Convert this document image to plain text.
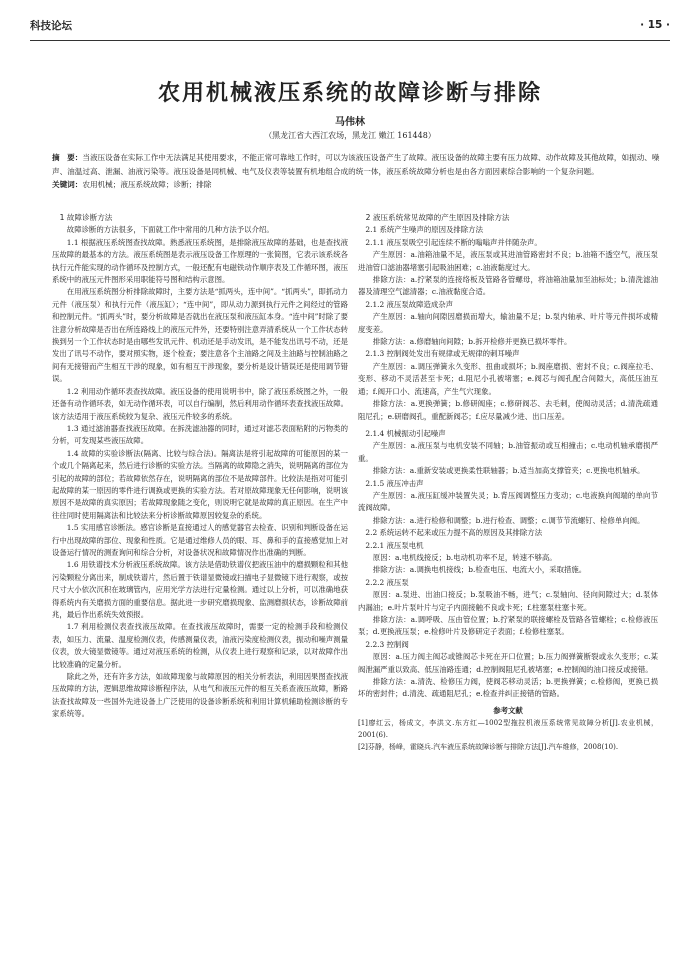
科技论坛	· 15 ·
农用机械液压系统的故障诊断与排除
马伟林
（黑龙江省大西江农场，黑龙江 嫩江 161448）
摘　要：当液压设备在实际工作中无法满足其使用要求，不能正常可靠地工作时，可以为该液压设备产生了故障。液压设备的故障主要有压力故障、动作故障及其他故障，如振动、噪声、油温过高、泄漏、油液污染等。液压设备是同机械、电气及仪表等装置有机地组合成的统一体，液压系统故障分析也是由各方面因素综合影响的一个复杂问题。
关键词：农用机械；液压系统故障；诊断；排除

1 故障诊断方法

故障诊断的方法很多，下面就工作中常用的几种方法予以介绍。

1.1 根据液压系统图查找故障。熟悉液压系统图，是排除液压故障的基础，也是查找液压故障的最基本的方法。液压系统图是表示液压设备工作原理的一张简图，它表示该系统各执行元件能实现的动作循环及控制方式，一般还配有电磁铁动作顺序表及工作循环图，液压系统中的液压元件图形采用职能符号图和结构示意图。

在用液压系统图分析排除故障时，主要方法是“抓两头，连中间”。“抓两头”，即抓动力元件（液压泵）和执行元件（液压缸）；“连中间”，即从动力源到执行元件之间经过的管路和控制元件。“抓两头”时，要分析故障是否就出在液压泵和液压缸本身。“连中间”时除了要注意分析故障是否出在所连路线上的液压元件外，还要特别注意弄清系统从一个工作状态转换到另一个工作状态时是由哪些发讯元件、机动还是手动发讯，是不能发出讯号不动，还是发出了讯号不动作，要对照实物，逐个检查；要注意各个主油路之间及主油路与控制油路之间有无接错而产生相互干涉的现象，如有相互干涉现象，要分析是设计错误还是使用调节错误。

1.2 利用动作循环表查找故障。液压设备的使用说明书中，除了液压系统图之外，一般还备有动作循环表，如无动作循环表，可以自行编制，然后利用动作循环表查找液压故障。该方法适用于液压系统较为复杂、液压元件较多的系统。

1.3 通过滤油器查找液压故障。在拆洗滤油器的同时，通过对滤芯表面粘附的污物类的分析，可发现某些液压故障。

1.4 故障的实验诊断法(隔离、比较与综合法)。隔离法是将引起故障的可能原因的某一个或几个隔离起来，然后进行诊断的实验方法。当隔离的故障隐之消失，说明隔离的部位为引起的故障的部位；若故障依然存在，说明隔离的部位不是故障部件。比较法是指对可能引起故障的某一原因的零件进行调换或更换的实验方法。若对原故障现象无任何影响，说明该原因不是故障的真实原因；若故障现象随之变化，则说明它就是故障的真正原因。在生产中往往同时使用隔离法和比较法来分析诊断故障原因较复杂的系统。

1.5 实用感官诊断法。感官诊断是直接通过人的感觉器官去检查、识别和判断设备在运行中出现故障的部位、现象和性质。它是通过维修人员的眼、耳、鼻和手的直接感觉加上对设备运行情况的测查询问和综合分析，对设备状况和故障情况作出准确的判断。

1.6 用铁谱技术分析液压系统故障。该方法是借助铁谱仪把液压油中的磨损颗粒和其他污染颗粒分离出来，制成铁谱片，然后置于铁谱显微镜或扫描电子显微镜下进行观察，或按尺寸大小依次沉积在玻璃管内，应用光学方法进行定量检测。通过以上分析，可以准确地获得系统内有关磨损方面的重要信息。据此进一步研究磨损现象、监测磨损状态，诊断故障前兆，最后作出系统失效预报。

1.7 利用检测仪表查找液压故障。在查找液压故障时，需要一定的检测手段和检测仪表，如压力、流量、温度检测仪表，传感测量仪表，油液污染度检测仪表，振动和噪声测量仪表，放大镜显微镜等。通过对液压系统的检测，从仪表上进行观察和记录，以对故障作出比较准确的定量分析。

除此之外，还有许多方法，如故障现象与故障原因的相关分析表法，利用因果图查找液压故障的方法，逻辑思维故障诊断程序法，从电气和液压元件的相互关系查液压故障，断路法查找故障及一些国外先进设备上广泛使用的设备诊断系统和利用计算机辅助检测诊断的专家系统等。

2 液压系统常见故障的产生原因及排除方法

2.1 系统产生噪声的原因及排除方法

2.1.1 液压泵吸空引起连续不断的嗡嗡声并伴随杂声。

产生原因：a.油箱油量不足，液压泵或其进油管路密封不良；b.油箱不透空气，液压泵进油管口滤油器堵塞引起吸油困难；c.油液黏度过大。

排除方法：a.拧紧泵的连接络板及管路各管螺母，将油箱油量加至油标处；b.清洗滤油器及清理空气滤清器；c.油液黏度合适。

2.1.2 液压泵故障造成杂声

产生原因：a.轴向间隙因磨损而增大，输油量不足；b.泵内轴承、叶片等元件损坏或精度变差。

排除方法：a.修磨轴向间隙；b.拆开检修并更换已损坏零件。

2.1.3 控制阀处发出有规律或无规律的刺耳噪声

产生原因：a.调压弹簧永久变形、扭曲或损坏；b.阀座磨损、密封不良；c.阀座拉毛、变形、移动不灵活甚至卡死；d.阻尼小孔被堵塞；e.阀芯与阀孔配合间隙大，高低压油互通；f.阀开口小、流速高，产生气穴现象。

排除方法：a.更换弹簧；b.修研阀座；c.修研阀芯、去毛刺，使阀动灵活；d.清洗疏通阻尼孔；e.研磨阀孔，重配新阀芯；f.应尽量减少进、出口压差。

2.1.4 机械振动引起噪声

产生原因：a.液压泵与电机安装不同轴；b.油管振动或互相撞击；c.电动机轴承磨损严重。

排除方法：a.重新安装或更换柔性联轴器；b.适当加高支撑管夹；c.更换电机轴承。

2.1.5 液压冲击声

产生原因：a.液压缸缓冲装置失灵；b.背压阀调整压力变动；c.电液换向阀端的单向节流阀故障。

排除方法：a.进行检修和调整；b.进行检查、调整；c.调节节流螺钉、检修单向阀。

2.2 系统运转不起来或压力提不高的原因及其排除方法

2.2.1 液压泵电机

原因：a.电机线接反；b.电动机功率不足，转速不够高。

排除方法：a.调换电机接线；b.检查电压、电流大小，采取措施。

2.2.2 液压泵

原因：a.泵进、出油口接反；b.泵吸油不畅，进气；c.泵轴向、径向间隙过大；d.泵体内漏油；e.叶片泵叶片与定子内面接触不良或卡死；f.柱塞泵柱塞卡死。

排除方法：a.调呼吸、压由管位置；b.拧紧泵的联接螺栓及管路各管螺栓；c.检修液压泵；d.更换液压泵；e.检修叶片及修研定子表面；f.检修柱塞泵。

2.2.3 控制阀

原因：a.压力阀主阀芯或锥阀芯卡死在开口位置；b.压力阀弹簧断裂或永久变形；c.某阀泄漏严重以致高、低压油路连通；d.控制阀阻尼孔被堵塞；e.控制阀的油口接反或接错。

排除方法：a.清洗、检修压力阀，使阀芯移动灵活；b.更换弹簧；c.检修阀，更换已损坏的密封件；d.清洗、疏通阻尼孔；e.检查并纠正接错的管路。

参考文献

[1]廖红云，杨成文，李洪文.东方红—1002型拖拉机液压系统常见故障分析[J].农业机械，2001(6).

[2]芬静，杨峰，霍晓兵.汽车液压系统故障诊断与排除方法[J].汽车维修，2008(10).
